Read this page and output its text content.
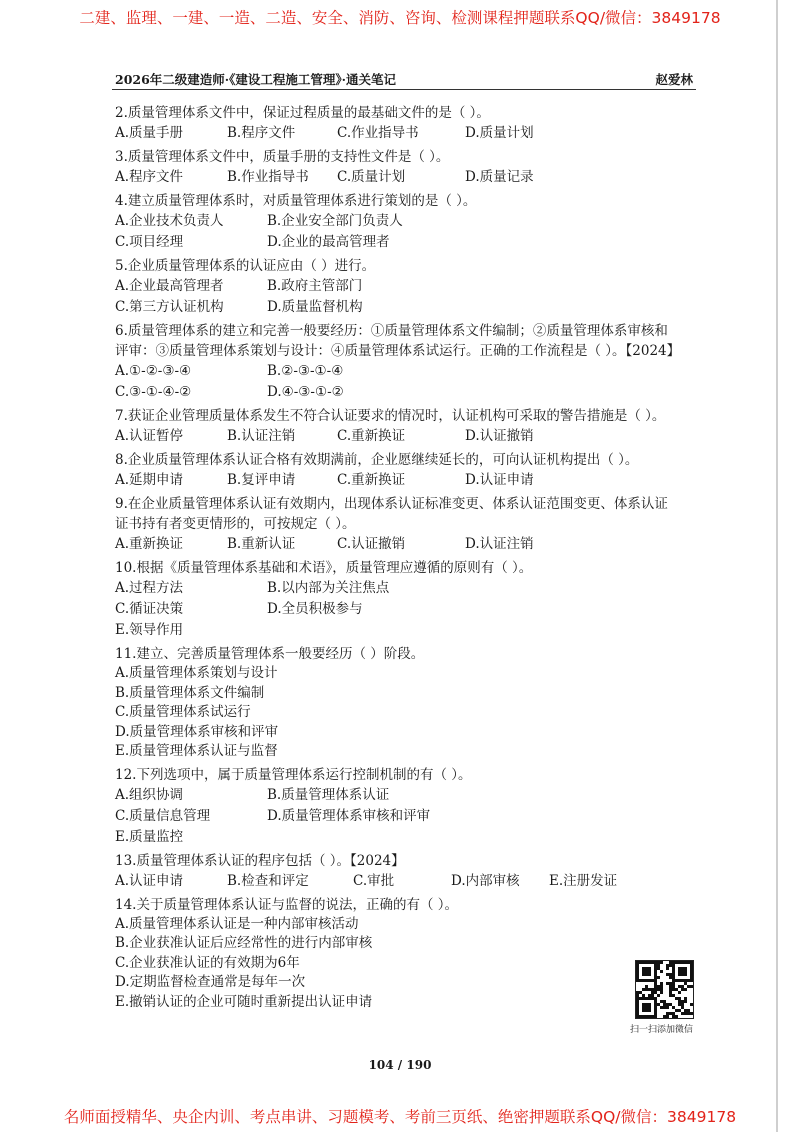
二建、监理、一建、一造、二造、安全、消防、咨询、检测课程押题联系QQ/微信：3849178
2026年二级建造师·《建设工程施工管理》·通关笔记	赵爱林
2.质量管理体系文件中，保证过程质量的最基础文件的是（ ）。
A.质量手册	B.程序文件	C.作业指导书	D.质量计划
3.质量管理体系文件中，质量手册的支持性文件是（ ）。
A.程序文件	B.作业指导书	C.质量计划	D.质量记录
4.建立质量管理体系时，对质量管理体系进行策划的是（ ）。
A.企业技术负责人	B.企业安全部门负责人
C.项目经理	D.企业的最高管理者
5.企业质量管理体系的认证应由（ ）进行。
A.企业最高管理者	B.政府主管部门
C.第三方认证机构	D.质量监督机构
6.质量管理体系的建立和完善一般要经历：①质量管理体系文件编制；②质量管理体系审核和
评审：③质量管理体系策划与设计：④质量管理体系试运行。正确的工作流程是（ ）。【2024】
A.①-②-③-④	B.②-③-①-④
C.③-①-④-②	D.④-③-①-②
7.获证企业管理质量体系发生不符合认证要求的情况时，认证机构可采取的警告措施是（ ）。
A.认证暂停	B.认证注销	C.重新换证	D.认证撤销
8.企业质量管理体系认证合格有效期满前，企业愿继续延长的，可向认证机构提出（ ）。
A.延期申请	B.复评申请	C.重新换证	D.认证申请
9.在企业质量管理体系认证有效期内，出现体系认证标准变更、体系认证范围变更、体系认证
证书持有者变更情形的，可按规定（ ）。
A.重新换证	B.重新认证	C.认证撤销	D.认证注销
10.根据《质量管理体系基础和术语》，质量管理应遵循的原则有（ ）。
A.过程方法	B.以内部为关注焦点
C.循证决策	D.全员积极参与
E.领导作用
11.建立、完善质量管理体系一般要经历（ ）阶段。
A.质量管理体系策划与设计
B.质量管理体系文件编制
C.质量管理体系试运行
D.质量管理体系审核和评审
E.质量管理体系认证与监督
12.下列选项中，属于质量管理体系运行控制机制的有（ ）。
A.组织协调	B.质量管理体系认证
C.质量信息管理	D.质量管理体系审核和评审
E.质量监控
13.质量管理体系认证的程序包括（ ）。【2024】
A.认证申请	B.检查和评定	C.审批	D.内部审核	E.注册发证
14.关于质量管理体系认证与监督的说法，正确的有（ ）。
A.质量管理体系认证是一种内部审核活动
B.企业获准认证后应经常性的进行内部审核
C.企业获准认证的有效期为6年
D.定期监督检查通常是每年一次
E.撤销认证的企业可随时重新提出认证申请
扫一扫添加微信
104 / 190
名师面授精华、央企内训、考点串讲、习题模考、考前三页纸、绝密押题联系QQ/微信：3849178
